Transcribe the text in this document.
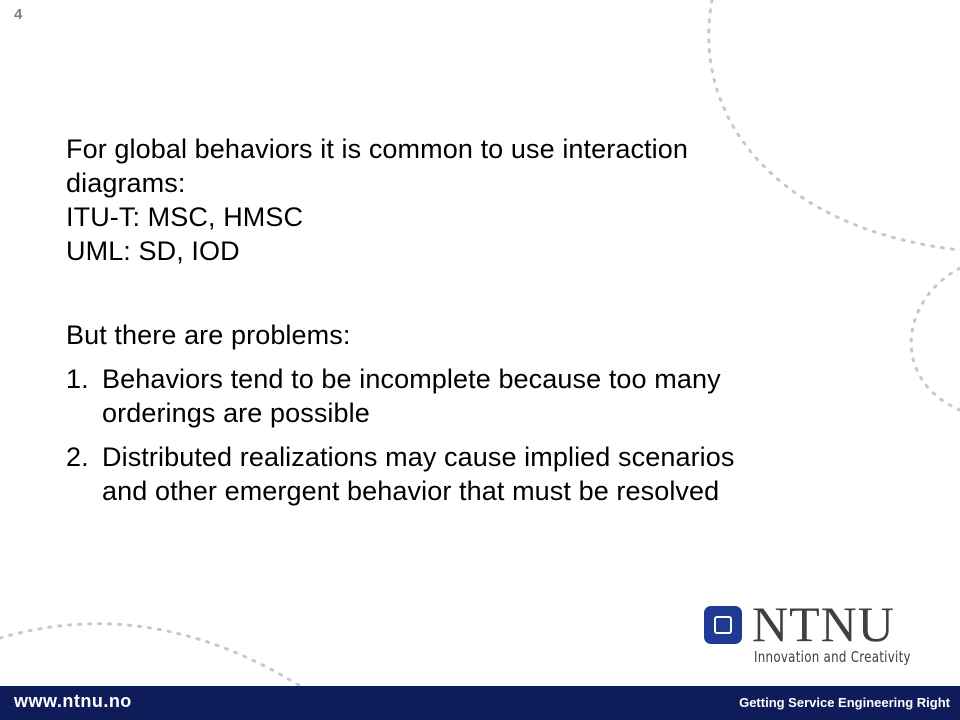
4

For global behaviors it is common to use interaction
diagrams:
ITU-T: MSC, HMSC
UML: SD, IOD

But there are problems:

1. Behaviors tend to be incomplete because too many
orderings are possible
2. Distributed realizations may cause implied scenarios
and other emergent behavior that must be resolved
NTNU
Innovation and Creativity
www.ntnu.no	Getting Service Engineering Right
